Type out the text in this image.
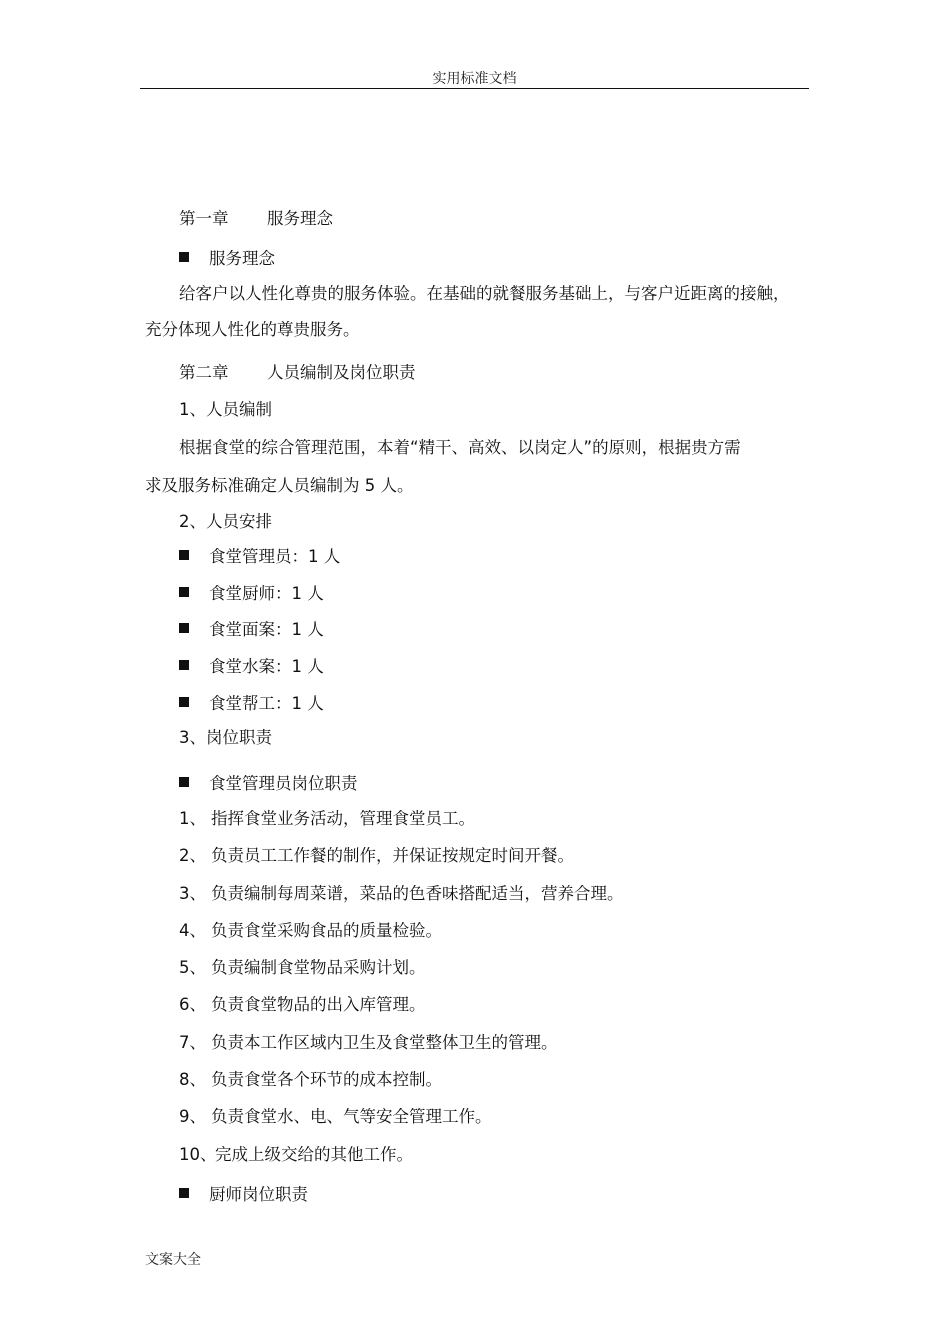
实用标准文档
第一章 服务理念
服务理念
给客户以人性化尊贵的服务体验。在基础的就餐服务基础上，与客户近距离的接触，
充分体现人性化的尊贵服务。
第二章 人员编制及岗位职责
1、人员编制
根据食堂的综合管理范围，本着“精干、高效、以岗定人”的原则，根据贵方需
求及服务标准确定人员编制为 5 人。
2、人员安排
食堂管理员：1 人
食堂厨师：1 人
食堂面案：1 人
食堂水案：1 人
食堂帮工：1 人
3、岗位职责
食堂管理员岗位职责
1、 指挥食堂业务活动，管理食堂员工。
2、 负责员工工作餐的制作，并保证按规定时间开餐。
3、 负责编制每周菜谱，菜品的色香味搭配适当，营养合理。
4、 负责食堂采购食品的质量检验。
5、 负责编制食堂物品采购计划。
6、 负责食堂物品的出入库管理。
7、 负责本工作区域内卫生及食堂整体卫生的管理。
8、 负责食堂各个环节的成本控制。
9、 负责食堂水、电、气等安全管理工作。
10、完成上级交给的其他工作。
厨师岗位职责
文案大全
